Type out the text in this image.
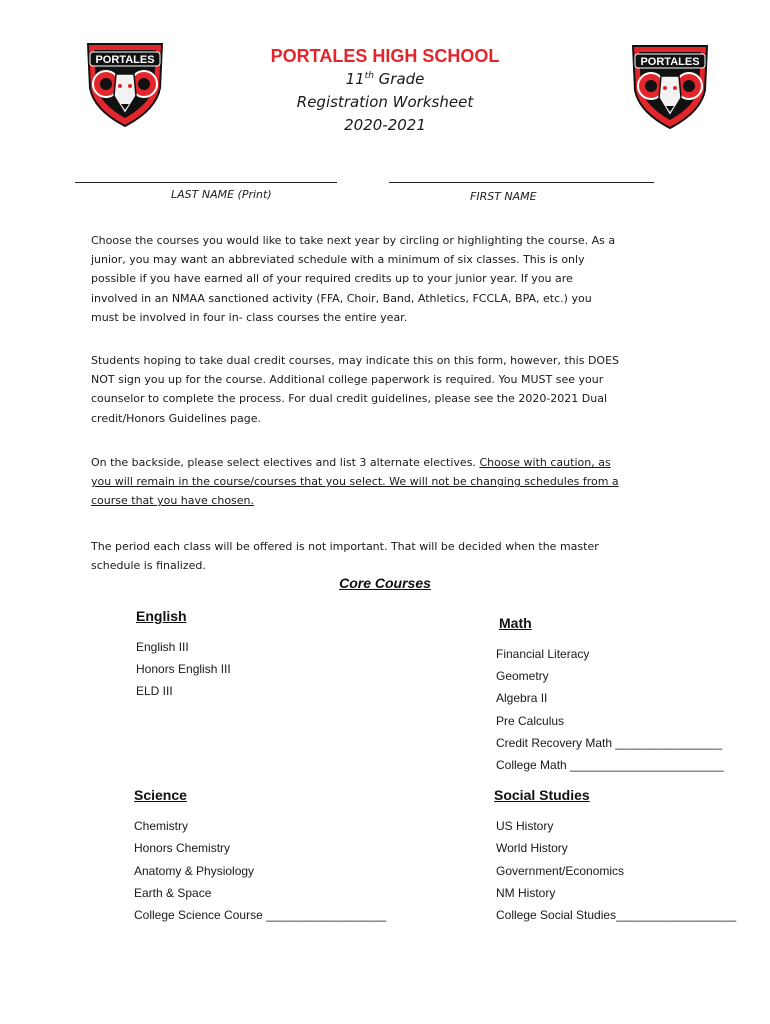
PORTALES	PORTALES
PORTALES HIGH SCHOOL
11th Grade
Registration Worksheet
2020-2021
LAST NAME (Print)	FIRST NAME
Choose the courses you would like to take next year by circling or highlighting the course. As a junior, you may want an abbreviated schedule with a minimum of six classes. This is only possible if you have earned all of your required credits up to your junior year. If you are involved in an NMAA sanctioned activity (FFA, Choir, Band, Athletics, FCCLA, BPA, etc.) you must be involved in four in- class courses the entire year.
Students hoping to take dual credit courses, may indicate this on this form, however, this DOES NOT sign you up for the course. Additional college paperwork is required. You MUST see your counselor to complete the process. For dual credit guidelines, please see the 2020-2021 Dual credit/Honors Guidelines page.
On the backside, please select electives and list 3 alternate electives. Choose with caution, as you will remain in the course/courses that you select. We will not be changing schedules from a course that you have chosen.
The period each class will be offered is not important. That will be decided when the master schedule is finalized.
Core Courses
English
English III
Honors English III
ELD III
Math
Financial Literacy
Geometry
Algebra II
Pre Calculus
Credit Recovery Math ________________
College Math _______________________
Science
Chemistry
Honors Chemistry
Anatomy & Physiology
Earth & Space
College Science Course __________________
Social Studies
US History
World History
Government/Economics
NM History
College Social Studies__________________
